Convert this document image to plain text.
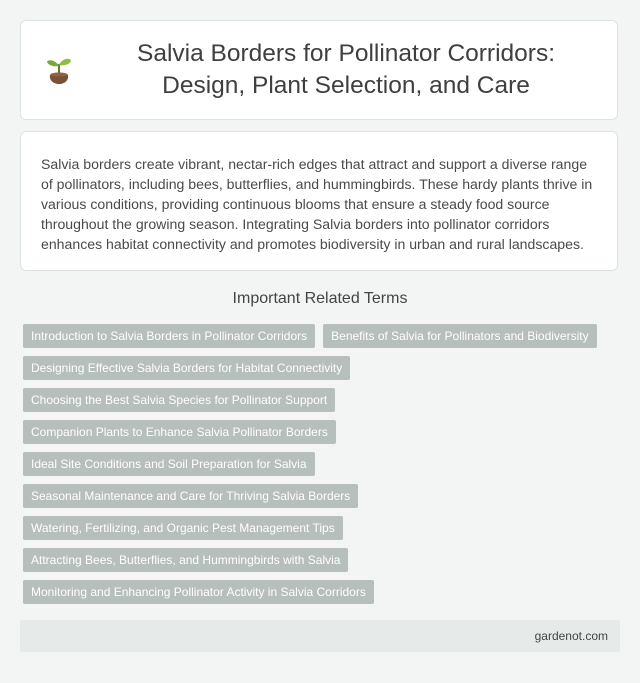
Salvia Borders for Pollinator Corridors: Design, Plant Selection, and Care

Salvia borders create vibrant, nectar-rich edges that attract and support a diverse range of pollinators, including bees, butterflies, and hummingbirds. These hardy plants thrive in various conditions, providing continuous blooms that ensure a steady food source throughout the growing season. Integrating Salvia borders into pollinator corridors enhances habitat connectivity and promotes biodiversity in urban and rural landscapes.

Important Related Terms
Introduction to Salvia Borders in Pollinator Corridors	Benefits of Salvia for Pollinators and Biodiversity
Designing Effective Salvia Borders for Habitat Connectivity
Choosing the Best Salvia Species for Pollinator Support
Companion Plants to Enhance Salvia Pollinator Borders
Ideal Site Conditions and Soil Preparation for Salvia
Seasonal Maintenance and Care for Thriving Salvia Borders
Watering, Fertilizing, and Organic Pest Management Tips
Attracting Bees, Butterflies, and Hummingbirds with Salvia
Monitoring and Enhancing Pollinator Activity in Salvia Corridors
gardenot.com
